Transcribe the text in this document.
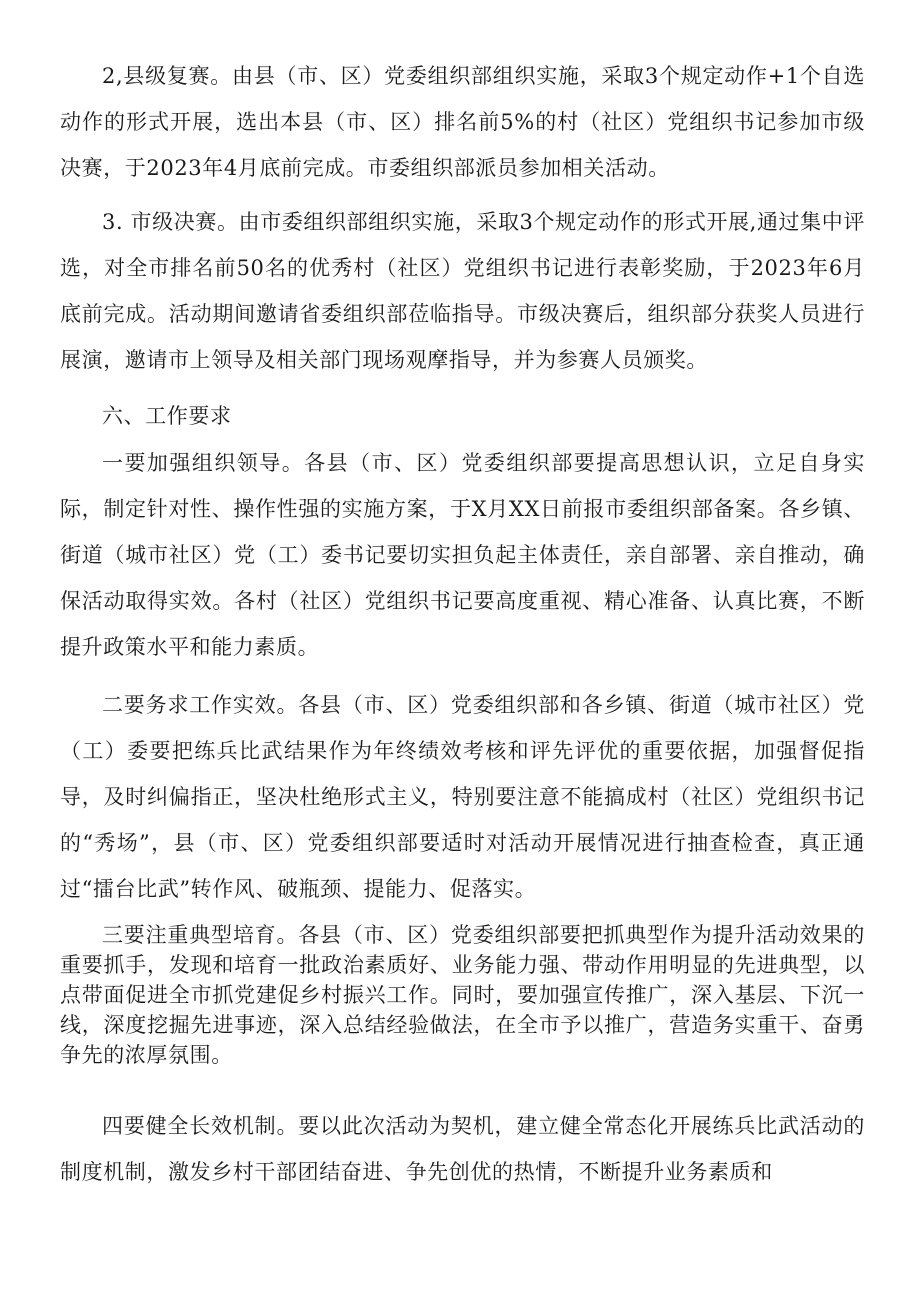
2,县级复赛。由县（市、区）党委组织部组织实施，采取3个规定动作+1个自选动作的形式开展，选出本县（市、区）排名前5%的村（社区）党组织书记参加市级决赛，于2023年4月底前完成。市委组织部派员参加相关活动。

3. 市级决赛。由市委组织部组织实施，采取3个规定动作的形式开展,通过集中评选，对全市排名前50名的优秀村（社区）党组织书记进行表彰奖励，于2023年6月底前完成。活动期间邀请省委组织部莅临指导。市级决赛后，组织部分获奖人员进行展演，邀请市上领导及相关部门现场观摩指导，并为参赛人员颁奖。

六、工作要求

一要加强组织领导。各县（市、区）党委组织部要提高思想认识，立足自身实际，制定针对性、操作性强的实施方案，于X月XX日前报市委组织部备案。各乡镇、街道（城市社区）党（工）委书记要切实担负起主体责任，亲自部署、亲自推动，确保活动取得实效。各村（社区）党组织书记要高度重视、精心准备、认真比赛，不断提升政策水平和能力素质。

二要务求工作实效。各县（市、区）党委组织部和各乡镇、街道（城市社区）党（工）委要把练兵比武结果作为年终绩效考核和评先评优的重要依据，加强督促指导，及时纠偏指正，坚决杜绝形式主义，特别要注意不能搞成村（社区）党组织书记的“秀场”，县（市、区）党委组织部要适时对活动开展情况进行抽查检查，真正通过“擂台比武”转作风、破瓶颈、提能力、促落实。

三要注重典型培育。各县（市、区）党委组织部要把抓典型作为提升活动效果的重要抓手，发现和培育一批政治素质好、业务能力强、带动作用明显的先进典型，以点带面促进全市抓党建促乡村振兴工作。同时，要加强宣传推广，深入基层、下沉一线，深度挖掘先进事迹，深入总结经验做法，在全市予以推广，营造务实重干、奋勇争先的浓厚氛围。

四要健全长效机制。要以此次活动为契机，建立健全常态化开展练兵比武活动的制度机制，激发乡村干部团结奋进、争先创优的热情，不断提升业务素质和
